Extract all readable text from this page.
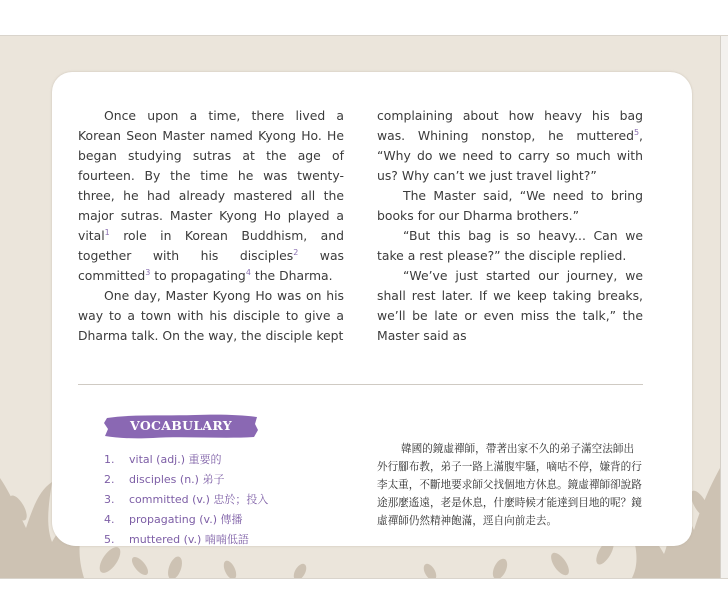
Once upon a time, there lived a Korean Seon Master named Kyong Ho. He began studying sutras at the age of fourteen. By the time he was twenty-three, he had already mastered all the major sutras. Master Kyong Ho played a vital$^1$ role in Korean Buddhism, and together with his disciples$^2$ was committed$^3$ to propagating$^4$ the Dharma.

One day, Master Kyong Ho was on his way to a town with his disciple to give a Dharma talk. On the way, the disciple kept

complaining about how heavy his bag was. Whining nonstop, he muttered$^5$, “Why do we need to carry so much with us? Why can’t we just travel light?”

The Master said, “We need to bring books for our Dharma brothers.”

“But this bag is so heavy... Can we take a rest please?” the disciple replied.

“We’ve just started our journey, we shall rest later. If we keep taking breaks, we’ll be late or even miss the talk,” the Master said as

VOCABULARY
1. vital (adj.) 重要的
2. disciples (n.) 弟子
3. committed (v.) 忠於；投入
4. propagating (v.) 傳播
5. muttered (v.) 喃喃低語

韓國的鏡虛禪師，帶著出家不久的弟子滿空法師出外行腳布教，弟子一路上滿腹牢騷，嘀咕不停，嫌背的行李太重，不斷地要求師父找個地方休息。鏡虛禪師卻說路途那麼遙遠，老是休息，什麼時候才能達到目地的呢？鏡虛禪師仍然精神飽滿，逕自向前走去。
